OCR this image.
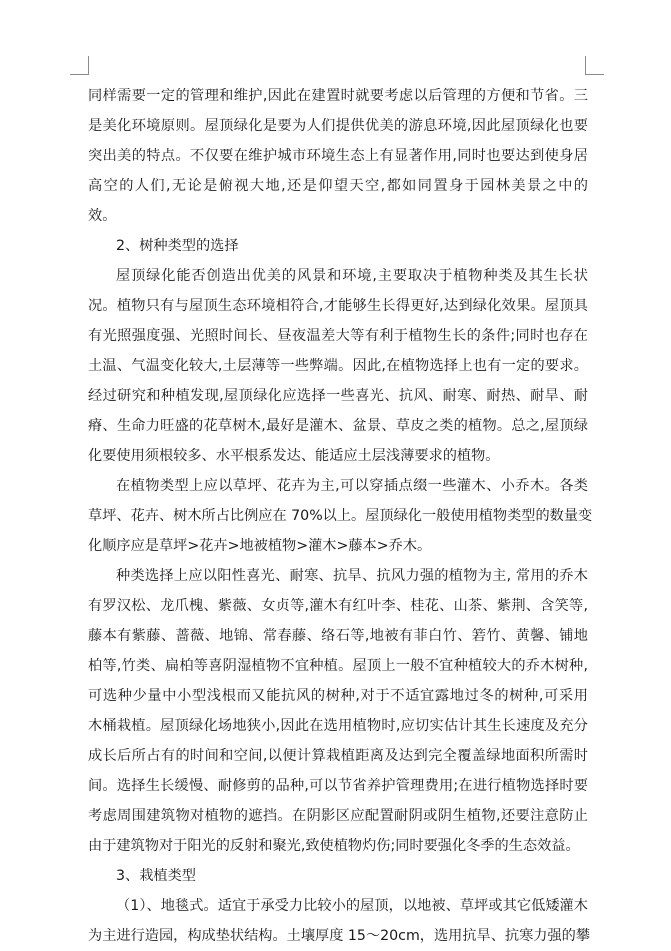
同样需要一定的管理和维护,因此在建置时就要考虑以后管理的方便和节省。三
是美化环境原则。屋顶绿化是要为人们提供优美的游息环境,因此屋顶绿化也要
突出美的特点。不仅要在维护城市环境生态上有显著作用,同时也要达到使身居
高空的人们,无论是俯视大地,还是仰望天空,都如同置身于园林美景之中的
效。
2、树种类型的选择
屋顶绿化能否创造出优美的风景和环境,主要取决于植物种类及其生长状
况。植物只有与屋顶生态环境相符合,才能够生长得更好,达到绿化效果。屋顶具
有光照强度强、光照时间长、昼夜温差大等有利于植物生长的条件;同时也存在
土温、气温变化较大,土层薄等一些弊端。因此,在植物选择上也有一定的要求。
经过研究和种植发现,屋顶绿化应选择一些喜光、抗风、耐寒、耐热、耐旱、耐
瘠、生命力旺盛的花草树木,最好是灌木、盆景、草皮之类的植物。总之,屋顶绿
化要使用须根较多、水平根系发达、能适应土层浅薄要求的植物。
在植物类型上应以草坪、花卉为主,可以穿插点缀一些灌木、小乔木。各类
草坪、花卉、树木所占比例应在 70%以上。屋顶绿化一般使用植物类型的数量变
化顺序应是草坪>花卉>地被植物>灌木>藤本>乔木。
种类选择上应以阳性喜光、耐寒、抗旱、抗风力强的植物为主, 常用的乔木
有罗汉松、龙爪槐、紫薇、女贞等,灌木有红叶李、桂花、山茶、紫荆、含笑等,
藤本有紫藤、蔷薇、地锦、常春藤、络石等,地被有菲白竹、箬竹、黄馨、铺地
柏等,竹类、扁柏等喜阴湿植物不宜种植。屋顶上一般不宜种植较大的乔木树种,
可选种少量中小型浅根而又能抗风的树种,对于不适宜露地过冬的树种,可采用
木桶栽植。屋顶绿化场地狭小,因此在选用植物时,应切实估计其生长速度及充分
成长后所占有的时间和空间,以便计算栽植距离及达到完全覆盖绿地面积所需时
间。选择生长缓慢、耐修剪的品种,可以节省养护管理费用;在进行植物选择时要
考虑周围建筑物对植物的遮挡。在阴影区应配置耐阴或阴生植物,还要注意防止
由于建筑物对于阳光的反射和聚光,致使植物灼伤;同时要强化冬季的生态效益。
3、栽植类型
（1）、地毯式。适宜于承受力比较小的屋顶，以地被、草坪或其它低矮灌木
为主进行造园，构成垫状结构。土壤厚度 15～20cm，选用抗旱、抗寒力强的攀
